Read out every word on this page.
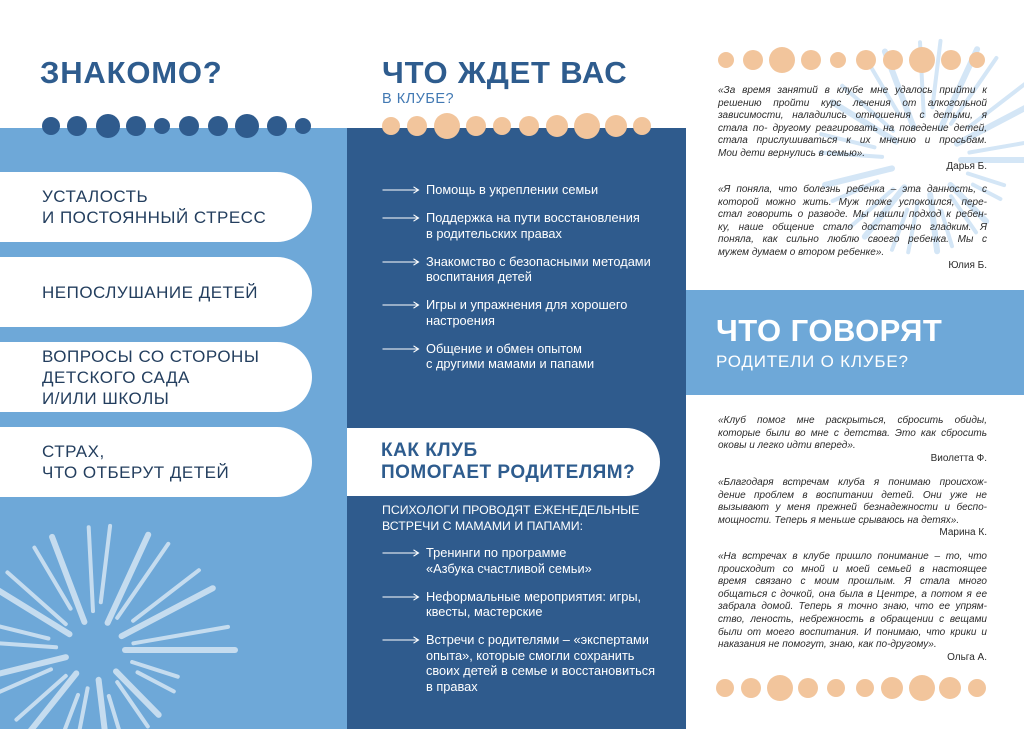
ЗНАКОМО?
УСТАЛОСТЬ
И ПОСТОЯННЫЙ СТРЕСС
НЕПОСЛУШАНИЕ ДЕТЕЙ
ВОПРОСЫ СО СТОРОНЫ
ДЕТСКОГО САДА
И/ИЛИ ШКОЛЫ
СТРАХ,
ЧТО ОТБЕРУТ ДЕТЕЙ
ЧТО ЖДЕТ ВАС
В КЛУБЕ?
Помощь в укреплении семьи
Поддержка на пути восстановления
в родительских правах
Знакомство с безопасными методами
воспитания детей
Игры и упражнения для хорошего
настроения
Общение и обмен опытом
с другими мамами и папами
КАК КЛУБ
ПОМОГАЕТ РОДИТЕЛЯМ?
ПСИХОЛОГИ ПРОВОДЯТ ЕЖЕНЕДЕЛЬНЫЕ
ВСТРЕЧИ С МАМАМИ И ПАПАМИ:
Тренинги по программе
«Азбука счастливой семьи»
Неформальные мероприятия: игры,
квесты, мастерские
Встречи с родителями – «экспертами
опыта», которые смогли сохранить
своих детей в семье и восстановиться
в правах
«За время занятий в клубе мне удалось прийти к
решению пройти курс лечения от алкогольной
зависимости, наладились отношения с детьми, я
стала по- другому реагировать на поведение детей,
стала прислушиваться к их мнению и просьбам.
Мои дети вернулись в семью».
Дарья Б.
«Я поняла, что болезнь ребенка – эта данность, с
которой можно жить. Муж тоже успокоился, пере-
стал говорить о разводе. Мы нашли подход к ребен-
ку, наше общение стало достаточно гладким. Я
поняла, как сильно люблю своего ребенка. Мы с
мужем думаем о втором ребенке».
Юлия Б.
ЧТО ГОВОРЯТ
РОДИТЕЛИ О КЛУБЕ?
«Клуб помог мне раскрыться, сбросить обиды,
которые были во мне с детства. Это как сбросить
оковы и легко идти вперед».
Виолетта Ф.
«Благодаря встречам клуба я понимаю происхож-
дение проблем в воспитании детей. Они уже не
вызывают у меня прежней безнадежности и беспо-
мощности. Теперь я меньше срываюсь на детях».
Марина К.
«На встречах в клубе пришло понимание – то, что
происходит со мной и моей семьей в настоящее
время связано с моим прошлым. Я стала много
общаться с дочкой, она была в Центре, а потом я ее
забрала домой. Теперь я точно знаю, что ее упрям-
ство, леность, небрежность в обращении с вещами
были от моего воспитания. И понимаю, что крики и
наказания не помогут, знаю, как по-другому».
Ольга А.
